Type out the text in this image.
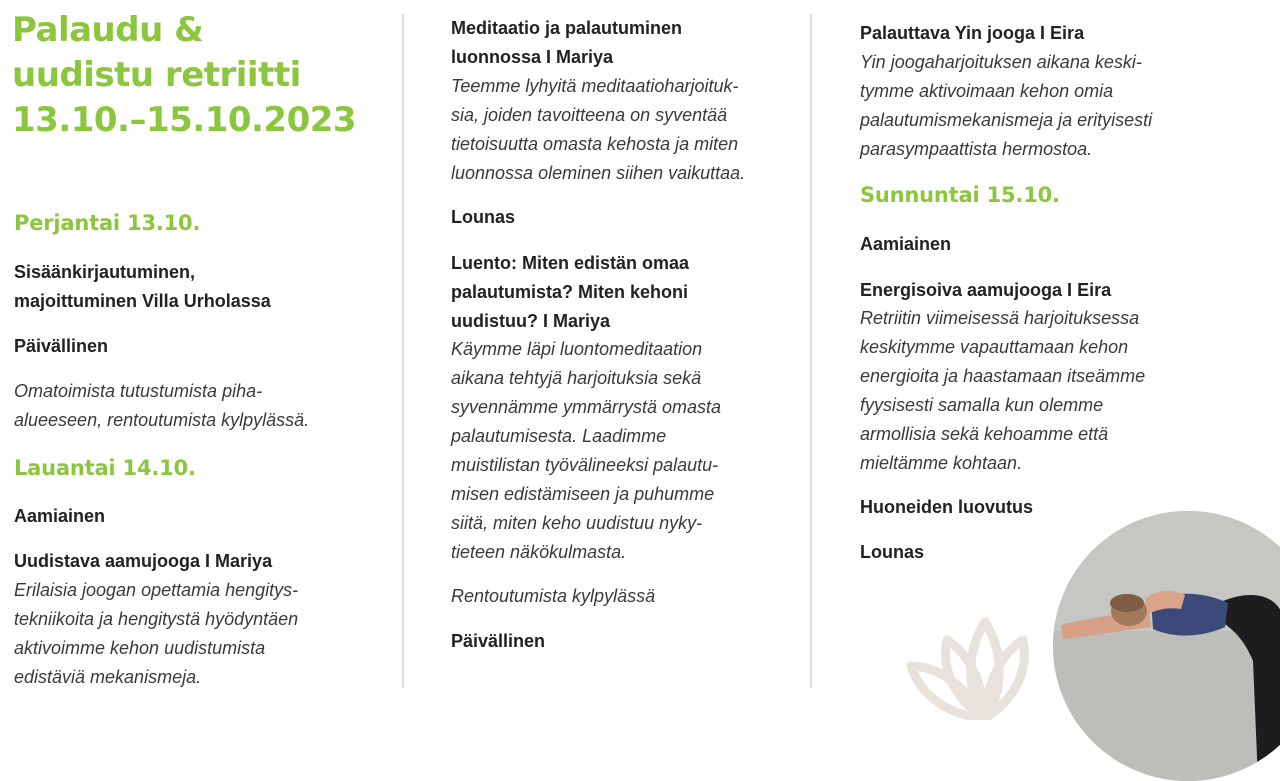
Palaudu &
uudistu retriitti
13.10.–15.10.2023
Perjantai 13.10.

Sisäänkirjautuminen,
majoittuminen Villa Urholassa

Päivällinen

Omatoimista tutustumista piha-
alueeseen, rentoutumista kylpylässä.

Lauantai 14.10.

Aamiainen

Uudistava aamujooga I Mariya

Erilaisia joogan opettamia hengitys-
tekniikoita ja hengitystä hyödyntäen
aktivoimme kehon uudistumista
edistäviä mekanismeja.

Meditaatio ja palautuminen
luonnossa I Mariya

Teemme lyhyitä meditaatioharjoituk-
sia, joiden tavoitteena on syventää
tietoisuutta omasta kehosta ja miten
luonnossa oleminen siihen vaikuttaa.

Lounas

Luento: Miten edistän omaa
palautumista? Miten kehoni
uudistuu? I Mariya

Käymme läpi luontomeditaation
aikana tehtyjä harjoituksia sekä
syvennämme ymmärrystä omasta
palautumisesta. Laadimme
muistilistan työvälineeksi palautu-
misen edistämiseen ja puhumme
siitä, miten keho uudistuu nyky-
tieteen näkökulmasta.

Rentoutumista kylpylässä

Päivällinen

Palauttava Yin jooga I Eira

Yin joogaharjoituksen aikana keski-
tymme aktivoimaan kehon omia
palautumismekanismeja ja erityisesti
parasympaattista hermostoa.

Sunnuntai 15.10.

Aamiainen

Energisoiva aamujooga I Eira

Retriitin viimeisessä harjoituksessa
keskitymme vapauttamaan kehon
energioita ja haastamaan itseämme
fyysisesti samalla kun olemme
armollisia sekä kehoamme että
mieltämme kohtaan.

Huoneiden luovutus

Lounas
